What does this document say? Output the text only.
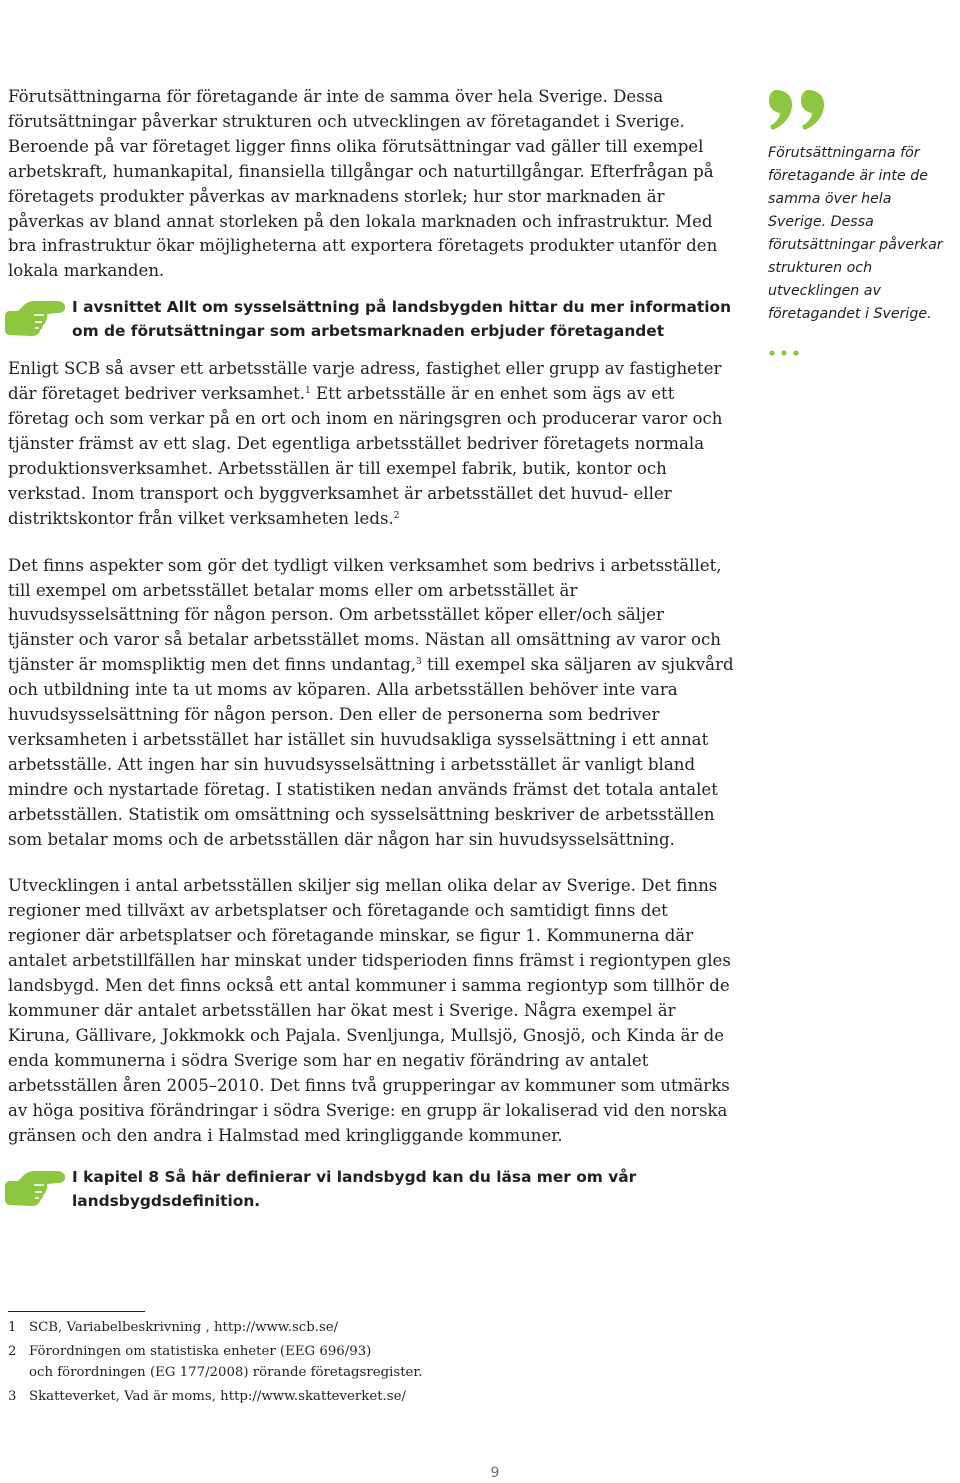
Förutsättningarna för företagande är inte de samma över hela Sverige. Dessa förutsättningar påverkar strukturen och utvecklingen av företagandet i Sverige. Beroende på var företaget ligger finns olika förutsättningar vad gäller till exempel arbetskraft, humankapital, finansiella tillgångar och naturtillgångar. Efterfrågan på företagets produkter påverkas av marknadens storlek; hur stor marknaden är påverkas av bland annat storleken på den lokala marknaden och infrastruktur. Med bra infrastruktur ökar möjligheterna att exportera företagets produkter utanför den lokala markanden.

I avsnittet Allt om sysselsättning på landsbygden hittar du mer information om de förutsättningar som arbetsmarknaden erbjuder företagandet

Enligt SCB så avser ett arbetsställe varje adress, fastighet eller grupp av fastigheter där företaget bedriver verksamhet.$^1$ Ett arbetsställe är en enhet som ägs av ett företag och som verkar på en ort och inom en näringsgren och producerar varor och tjänster främst av ett slag. Det egentliga arbetsstället bedriver företagets normala produktionsverksamhet. Arbetsställen är till exempel fabrik, butik, kontor och verkstad. Inom transport och byggverksamhet är arbetsstället det huvud- eller distriktskontor från vilket verksamheten leds.$^2$

Det finns aspekter som gör det tydligt vilken verksamhet som bedrivs i arbetsstället, till exempel om arbetsstället betalar moms eller om arbetsstället är huvudsysselsättning för någon person. Om arbetsstället köper eller/och säljer tjänster och varor så betalar arbetsstället moms. Nästan all omsättning av varor och tjänster är momspliktig men det finns undantag,$^3$ till exempel ska säljaren av sjukvård och utbildning inte ta ut moms av köparen. Alla arbetsställen behöver inte vara huvudsysselsättning för någon person. Den eller de personerna som bedriver verksamheten i arbetsstället har istället sin huvudsakliga sysselsättning i ett annat arbetsställe. Att ingen har sin huvudsysselsättning i arbetsstället är vanligt bland mindre och nystartade företag. I statistiken nedan används främst det totala antalet arbetsställen. Statistik om omsättning och sysselsättning beskriver de arbetsställen som betalar moms och de arbetsställen där någon har sin huvudsysselsättning.

Utvecklingen i antal arbetsställen skiljer sig mellan olika delar av Sverige. Det finns regioner med tillväxt av arbetsplatser och företagande och samtidigt finns det regioner där arbetsplatser och företagande minskar, se figur 1. Kommunerna där antalet arbetstillfällen har minskat under tidsperioden finns främst i regiontypen gles landsbygd. Men det finns också ett antal kommuner i samma regiontyp som tillhör de kommuner där antalet arbetsställen har ökat mest i Sverige. Några exempel är Kiruna, Gällivare, Jokkmokk och Pajala. Svenljunga, Mullsjö, Gnosjö, och Kinda är de enda kommunerna i södra Sverige som har en negativ förändring av antalet arbetsställen åren 2005–2010. Det finns två grupperingar av kommuner som utmärks av höga positiva förändringar i södra Sverige: en grupp är lokaliserad vid den norska gränsen och den andra i Halmstad med kringliggande kommuner.

I kapitel 8 Så här definierar vi landsbygd kan du läsa mer om vår landsbygdsdefinition.
Förutsättningarna för företagande är inte de samma över hela Sverige. Dessa förutsättningar påverkar strukturen och utvecklingen av företagandet i Sverige.
1 SCB, Variabelbeskrivning , http://www.scb.se/
2 Förordningen om statistiska enheter (EEG 696/93)
och förordningen (EG 177/2008) rörande företagsregister.
3 Skatteverket, Vad är moms, http://www.skatteverket.se/
9
